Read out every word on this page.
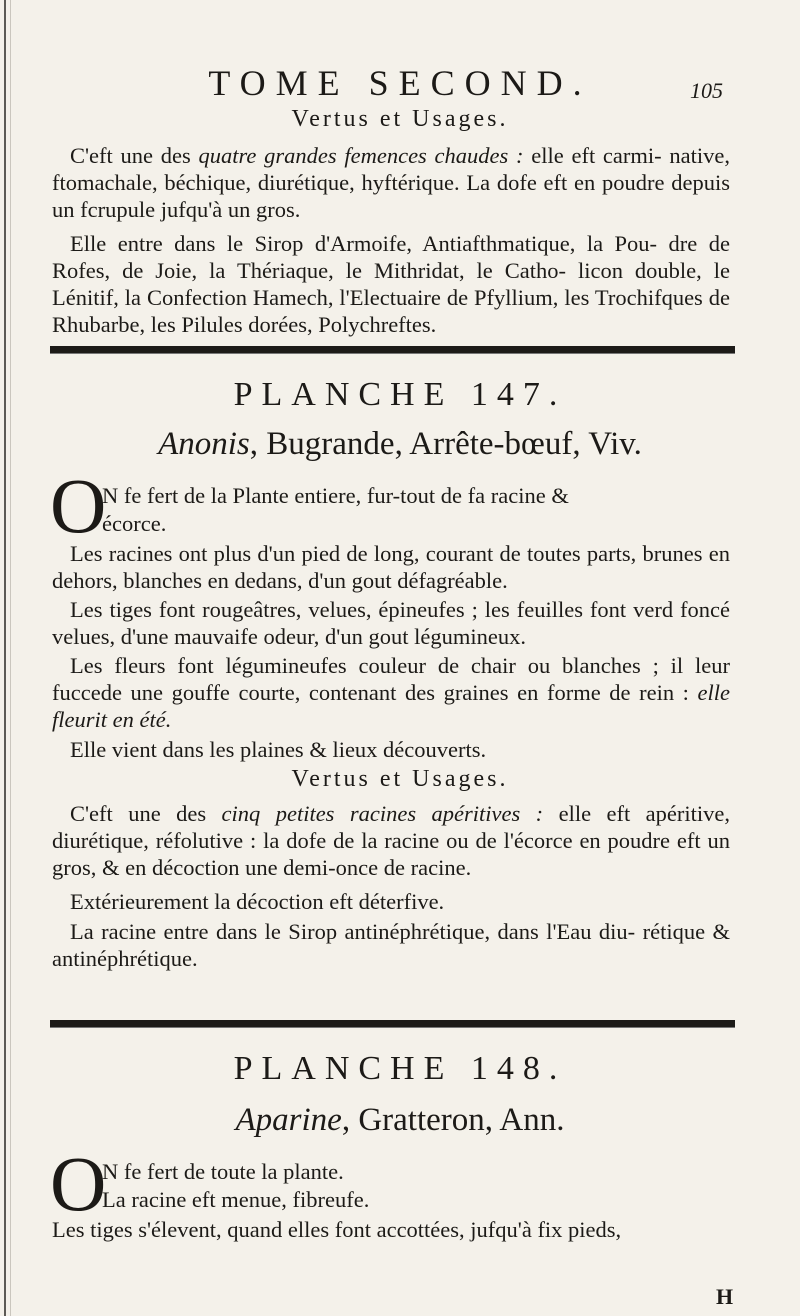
TOME SECOND.	105
Vertus et Usages.

C'eft une des quatre grandes femences chaudes : elle eft carmi- native, ftomachale, béchique, diurétique, hyftérique. La dofe eft en poudre depuis un fcrupule jufqu'à un gros.

Elle entre dans le Sirop d'Armoife, Antiafthmatique, la Pou- dre de Rofes, de Joie, la Thériaque, le Mithridat, le Catho- licon double, le Lénitif, la Confection Hamech, l'Electuaire de Pfyllium, les Trochifques de Rhubarbe, les Pilules dorées, Polychreftes.

PLANCHE 147.
Anonis, Bugrande, Arrête-bœuf, Viv.
O

N fe fert de la Plante entiere, fur-tout de fa racine &

écorce.

Les racines ont plus d'un pied de long, courant de toutes parts, brunes en dehors, blanches en dedans, d'un gout défagréable.

Les tiges font rougeâtres, velues, épineufes ; les feuilles font verd foncé velues, d'une mauvaife odeur, d'un gout légumineux.

Les fleurs font légumineufes couleur de chair ou blanches ; il leur fuccede une gouffe courte, contenant des graines en forme de rein : elle fleurit en été.

Elle vient dans les plaines & lieux découverts.

Vertus et Usages.

C'eft une des cinq petites racines apéritives : elle eft apéritive, diurétique, réfolutive : la dofe de la racine ou de l'écorce en poudre eft un gros, & en décoction une demi-once de racine.

Extérieurement la décoction eft déterfive.

La racine entre dans le Sirop antinéphrétique, dans l'Eau diu- rétique & antinéphrétique.

PLANCHE 148.
Aparine, Gratteron, Ann.
O

N fe fert de toute la plante.

La racine eft menue, fibreufe.

Les tiges s'élevent, quand elles font accottées, jufqu'à fix pieds,

H
